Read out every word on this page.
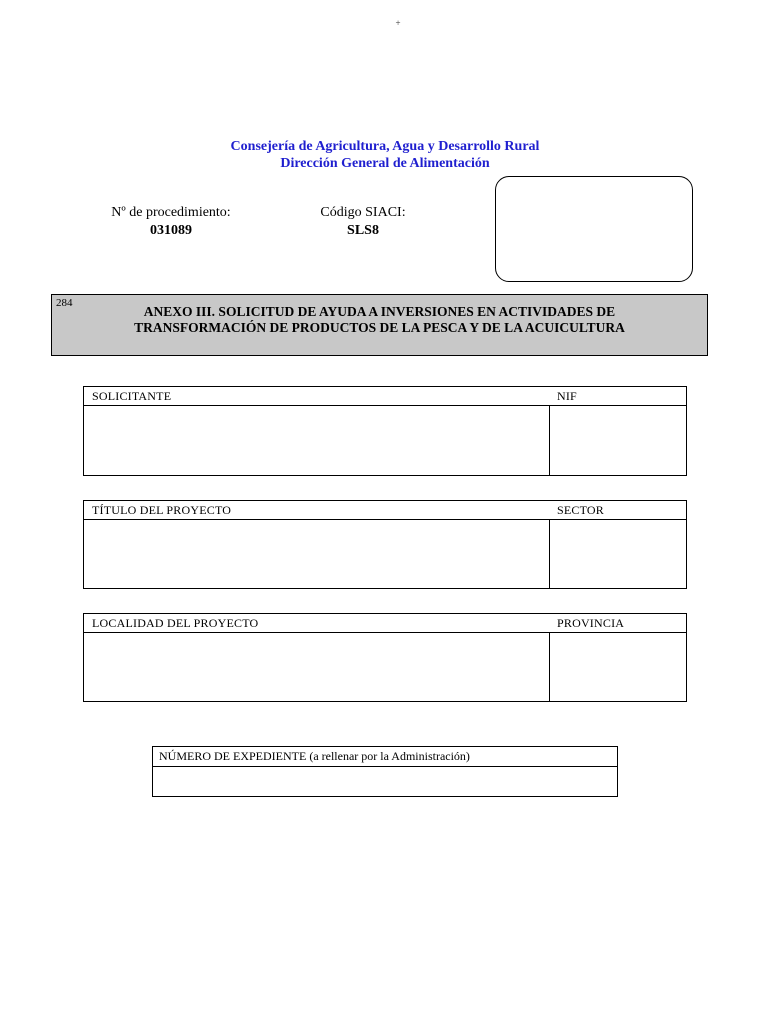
+
Consejería de Agricultura, Agua y Desarrollo Rural
Dirección General de Alimentación
Nº de procedimiento:
031089
Código SIACI:
SLS8
284
ANEXO III. SOLICITUD DE AYUDA A INVERSIONES EN ACTIVIDADES DE
TRANSFORMACIÓN DE PRODUCTOS DE LA PESCA Y DE LA ACUICULTURA
SOLICITANTE	NIF
TÍTULO DEL PROYECTO	SECTOR
LOCALIDAD DEL PROYECTO	PROVINCIA
NÚMERO DE EXPEDIENTE (a rellenar por la Administración)
